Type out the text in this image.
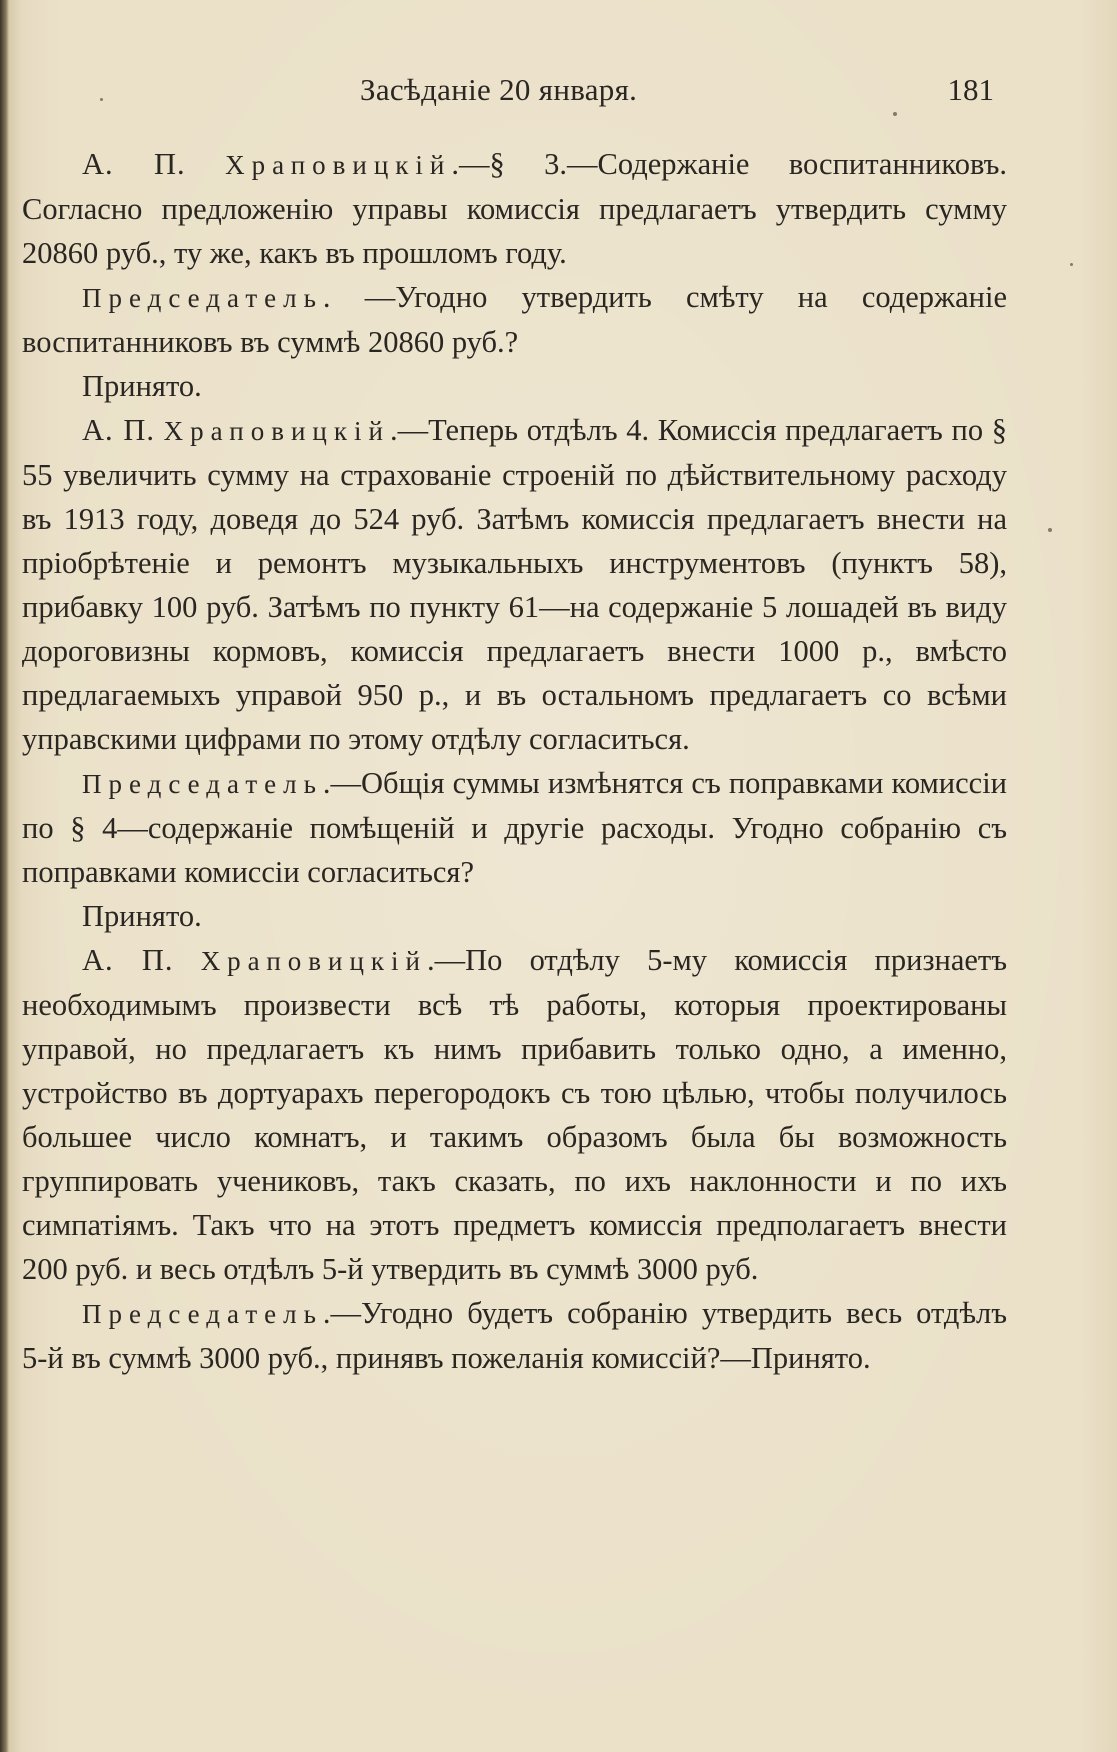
Засѣданіе 20 января.	181

А. П. Храповицкій.—§ 3.—Содержаніе воспитанниковъ. Согласно предложенію управы комиссія предлагаетъ утвердить сумму 20860 руб., ту же, какъ въ прошломъ году.

Председатель. —Угодно утвердить смѣту на содержаніе воспитанниковъ въ суммѣ 20860 руб.?

Принято.

А. П. Храповицкій.—Теперь отдѣлъ 4. Комиссія предлагаетъ по § 55 увеличить сумму на страхованіе строеній по дѣйствительному расходу въ 1913 году, доведя до 524 руб. Затѣмъ комиссія предлагаетъ внести на пріобрѣтеніе и ремонтъ музыкальныхъ инструментовъ (пунктъ 58), прибавку 100 руб. Затѣмъ по пункту 61—на содержаніе 5 лошадей въ виду дороговизны кормовъ, комиссія предлагаетъ внести 1000 р., вмѣсто предлагаемыхъ управой 950 р., и въ остальномъ предлагаетъ со всѣми управскими цифрами по этому отдѣлу согласиться.

Председатель.—Общія суммы измѣнятся съ поправками комиссіи по § 4—содержаніе помѣщеній и другіе расходы. Угодно собранію съ поправками комиссіи согласиться?

Принято.

А. П. Храповицкій.—По отдѣлу 5-му комиссія признаетъ необходимымъ произвести всѣ тѣ работы, которыя проектированы управой, но предлагаетъ къ нимъ прибавить только одно, а именно, устройство въ дортуарахъ перегородокъ съ тою цѣлью, чтобы получилось большее число комнатъ, и такимъ образомъ была бы возможность группировать учениковъ, такъ сказать, по ихъ наклонности и по ихъ симпатіямъ. Такъ что на этотъ предметъ комиссія предполагаетъ внести 200 руб. и весь отдѣлъ 5-й утвердить въ суммѣ 3000 руб.

Председатель.—Угодно будетъ собранію утвердить весь отдѣлъ 5-й въ суммѣ 3000 руб., принявъ пожеланія комиссій?—Принято.
